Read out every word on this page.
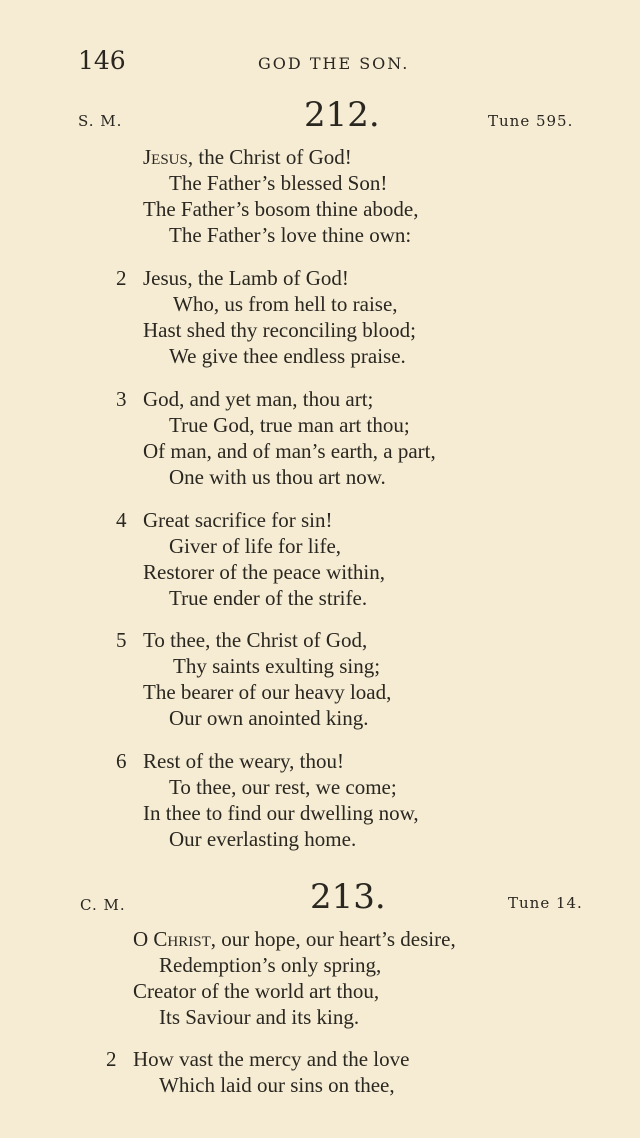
146	GOD THE SON.
S. M.	212.	Tune 595.
Jesus, the Christ of God!
The Father’s blessed Son!
The Father’s bosom thine abode,
The Father’s love thine own:
2 Jesus, the Lamb of God!
Who, us from hell to raise,
Hast shed thy reconciling blood;
We give thee endless praise.
3 God, and yet man, thou art;
True God, true man art thou;
Of man, and of man’s earth, a part,
One with us thou art now.
4 Great sacrifice for sin!
Giver of life for life,
Restorer of the peace within,
True ender of the strife.
5 To thee, the Christ of God,
Thy saints exulting sing;
The bearer of our heavy load,
Our own anointed king.
6 Rest of the weary, thou!
To thee, our rest, we come;
In thee to find our dwelling now,
Our everlasting home.
C. M.	213.	Tune 14.
O Christ, our hope, our heart’s desire,
Redemption’s only spring,
Creator of the world art thou,
Its Saviour and its king.
2 How vast the mercy and the love
Which laid our sins on thee,
